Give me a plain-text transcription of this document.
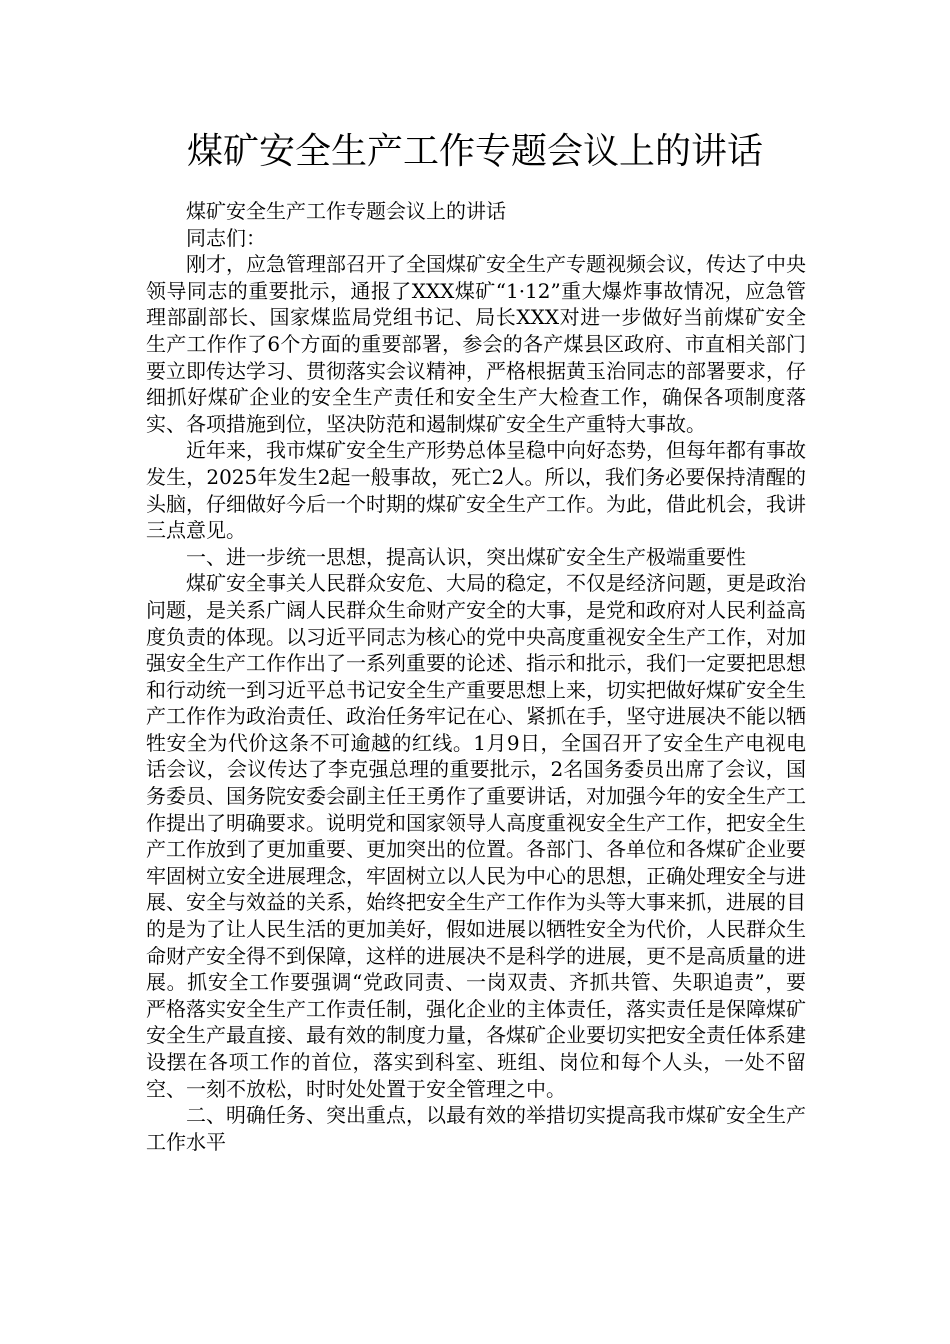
煤矿安全生产工作专题会议上的讲话

煤矿安全生产工作专题会议上的讲话

同志们：

刚才，应急管理部召开了全国煤矿安全生产专题视频会议，传达了中央领导同志的重要批示，通报了XXX煤矿“1·12”重大爆炸事故情况，应急管理部副部长、国家煤监局党组书记、局长XXX对进一步做好当前煤矿安全生产工作作了6个方面的重要部署，参会的各产煤县区政府、市直相关部门要立即传达学习、贯彻落实会议精神，严格根据黄玉治同志的部署要求，仔细抓好煤矿企业的安全生产责任和安全生产大检查工作，确保各项制度落实、各项措施到位，坚决防范和遏制煤矿安全生产重特大事故。

近年来，我市煤矿安全生产形势总体呈稳中向好态势，但每年都有事故发生，2025年发生2起一般事故，死亡2人。所以，我们务必要保持清醒的头脑，仔细做好今后一个时期的煤矿安全生产工作。为此，借此机会，我讲三点意见。

一、进一步统一思想，提高认识，突出煤矿安全生产极端重要性

煤矿安全事关人民群众安危、大局的稳定，不仅是经济问题，更是政治问题，是关系广阔人民群众生命财产安全的大事，是党和政府对人民利益高度负责的体现。以习近平同志为核心的党中央高度重视安全生产工作，对加强安全生产工作作出了一系列重要的论述、指示和批示，我们一定要把思想和行动统一到习近平总书记安全生产重要思想上来，切实把做好煤矿安全生产工作作为政治责任、政治任务牢记在心、紧抓在手，坚守进展决不能以牺牲安全为代价这条不可逾越的红线。1月9日，全国召开了安全生产电视电话会议，会议传达了李克强总理的重要批示，2名国务委员出席了会议，国务委员、国务院安委会副主任王勇作了重要讲话，对加强今年的安全生产工作提出了明确要求。说明党和国家领导人高度重视安全生产工作，把安全生产工作放到了更加重要、更加突出的位置。各部门、各单位和各煤矿企业要牢固树立安全进展理念，牢固树立以人民为中心的思想，正确处理安全与进展、安全与效益的关系，始终把安全生产工作作为头等大事来抓，进展的目的是为了让人民生活的更加美好，假如进展以牺牲安全为代价，人民群众生命财产安全得不到保障，这样的进展决不是科学的进展，更不是高质量的进展。抓安全工作要强调“党政同责、一岗双责、齐抓共管、失职追责”，要严格落实安全生产工作责任制，强化企业的主体责任，落实责任是保障煤矿安全生产最直接、最有效的制度力量，各煤矿企业要切实把安全责任体系建设摆在各项工作的首位，落实到科室、班组、岗位和每个人头，一处不留空、一刻不放松，时时处处置于安全管理之中。

二、明确任务、突出重点，以最有效的举措切实提高我市煤矿安全生产工作水平
